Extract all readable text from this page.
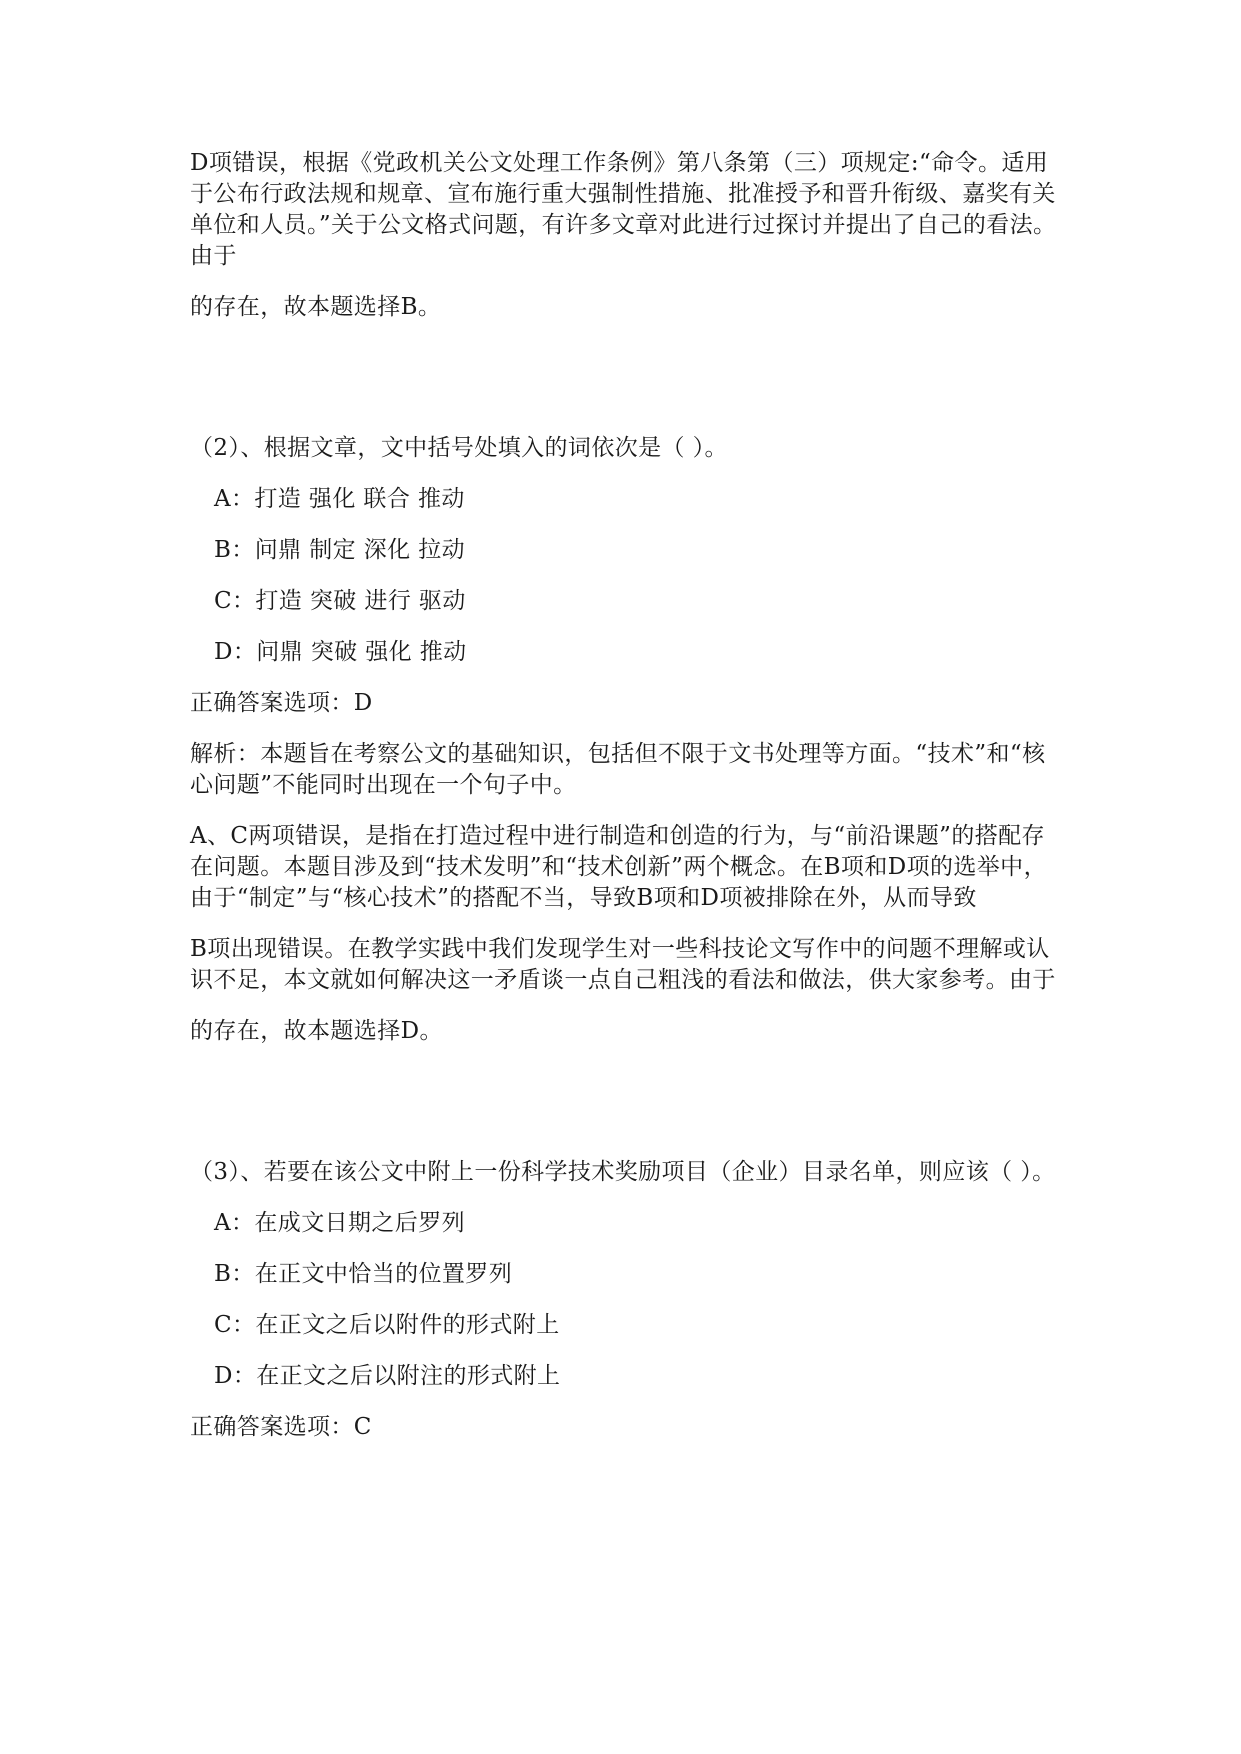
D项错误，根据《党政机关公文处理工作条例》第八条第（三）项规定:“命令。适用于公布行政法规和规章、宣布施行重大强制性措施、批准授予和晋升衔级、嘉奖有关单位和人员。”关于公文格式问题，有许多文章对此进行过探讨并提出了自己的看法。由于

的存在，故本题选择B。

（2）、根据文章，文中括号处填入的词依次是（ ）。

A：打造 强化 联合 推动

B：问鼎 制定 深化 拉动

C：打造 突破 进行 驱动

D：问鼎 突破 强化 推动

正确答案选项：D

解析：本题旨在考察公文的基础知识，包括但不限于文书处理等方面。“技术”和“核心问题”不能同时出现在一个句子中。

A、C两项错误，是指在打造过程中进行制造和创造的行为，与“前沿课题”的搭配存在问题。本题目涉及到“技术发明”和“技术创新”两个概念。在B项和D项的选举中，由于“制定”与“核心技术”的搭配不当，导致B项和D项被排除在外，从而导致

B项出现错误。在教学实践中我们发现学生对一些科技论文写作中的问题不理解或认识不足，本文就如何解决这一矛盾谈一点自己粗浅的看法和做法，供大家参考。由于

的存在，故本题选择D。

（3）、若要在该公文中附上一份科学技术奖励项目（企业）目录名单，则应该（ ）。

A：在成文日期之后罗列

B：在正文中恰当的位置罗列

C：在正文之后以附件的形式附上

D：在正文之后以附注的形式附上

正确答案选项：C
